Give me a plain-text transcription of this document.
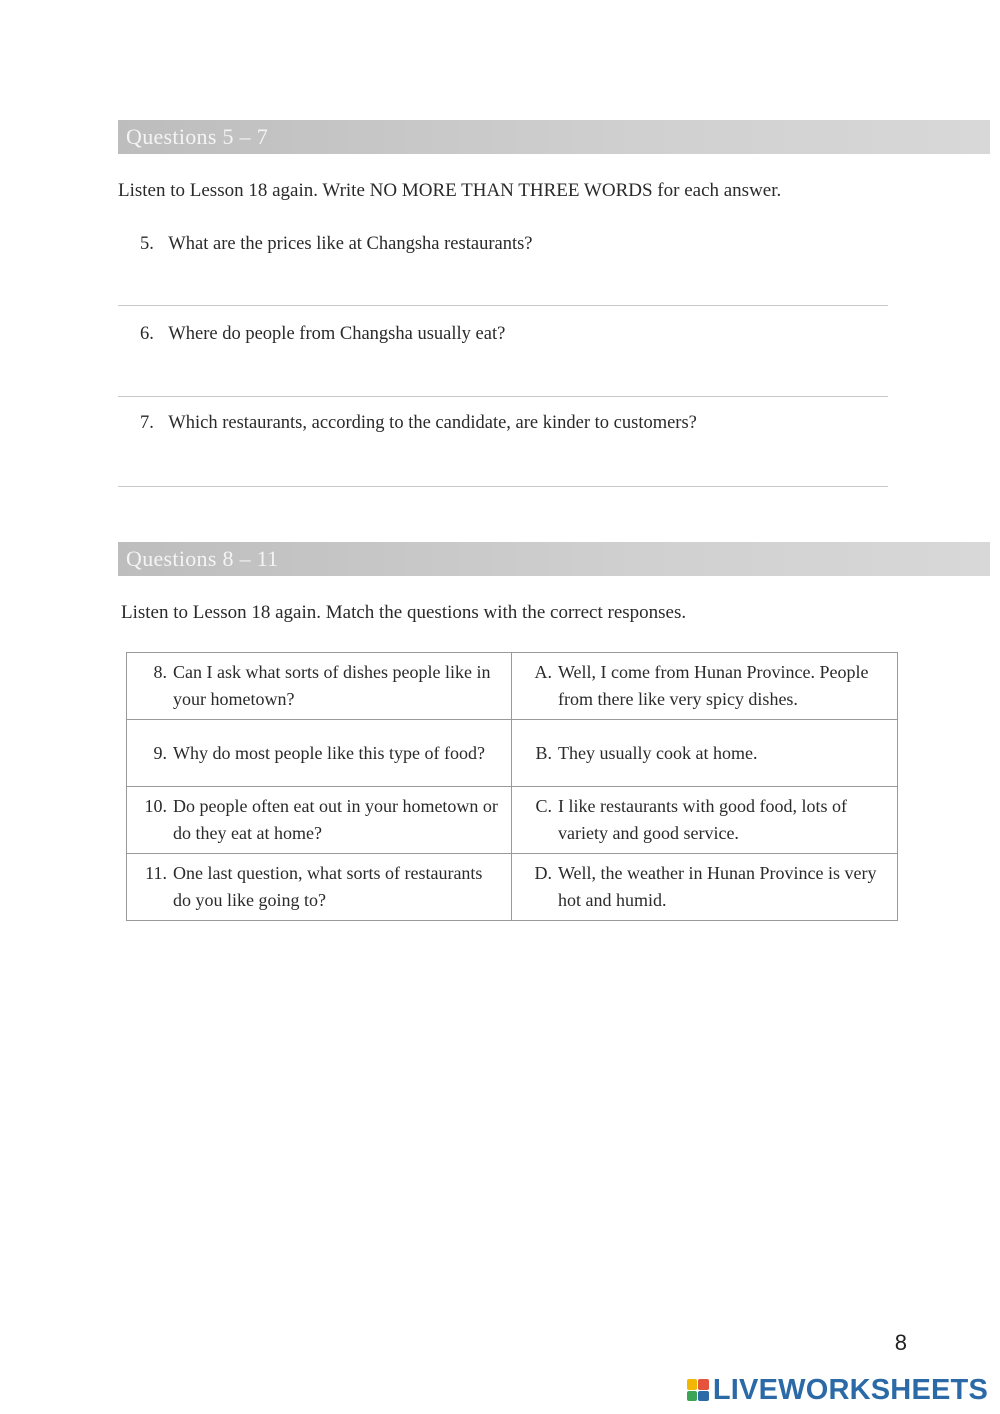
Questions 5 – 7
Listen to Lesson 18 again. Write NO MORE THAN THREE WORDS for each answer.
5. What are the prices like at Changsha restaurants?
6. Where do people from Changsha usually eat?
7. Which restaurants, according to the candidate, are kinder to customers?
Questions 8 – 11
Listen to Lesson 18 again. Match the questions with the correct responses.
8. Can I ask what sorts of dishes people like in your hometown?	A. Well, I come from Hunan Province. People from there like very spicy dishes.

9. Why do most people like this type of food?	B. They usually cook at home.

10. Do people often eat out in your hometown or do they eat at home?	C. I like restaurants with good food, lots of variety and good service.

11. One last question, what sorts of restaurants do you like going to?	D. Well, the weather in Hunan Province is very hot and humid.
8
LIVEWORKSHEETS
